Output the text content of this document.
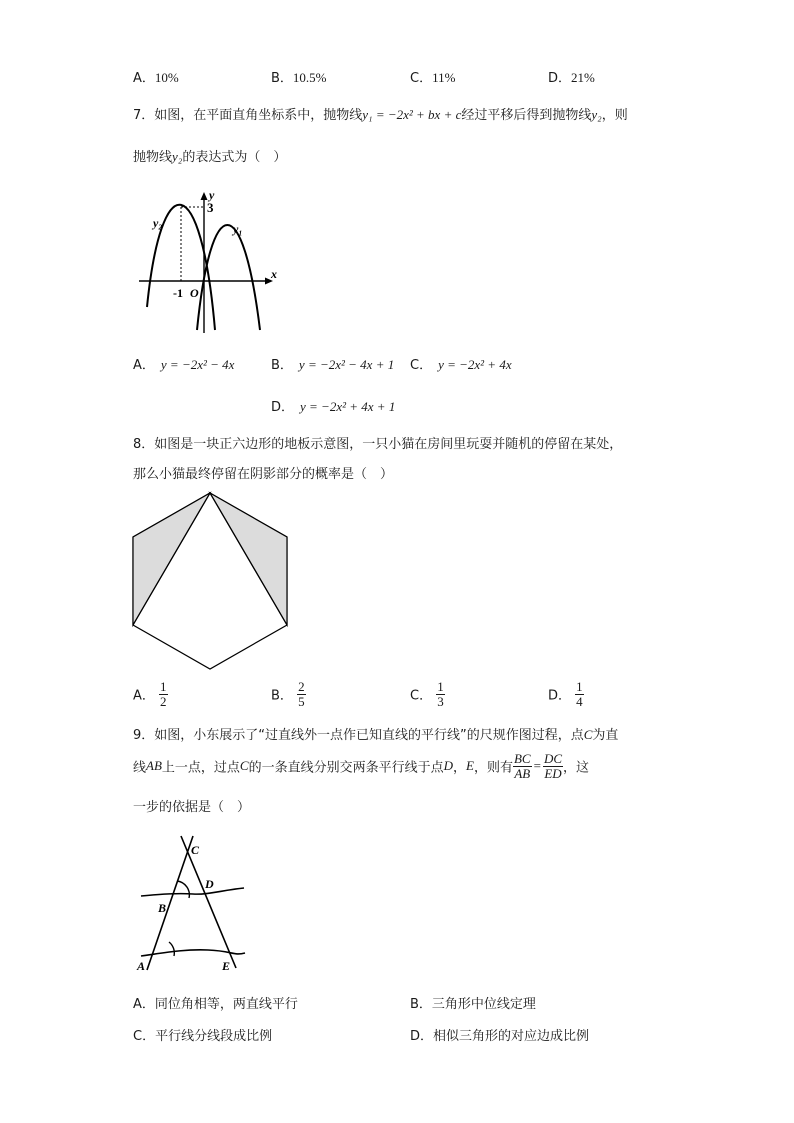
A．10%	B．10.5%	C．11%	D．21%
7．如图，在平面直角坐标系中，抛物线y₁ = −2x² + bx + c经过平移后得到抛物线y₂，则
抛物线y₂的表达式为（　）
y
x
3
-1 O
y₁
y₂
A． y = −2x² − 4x	B． y = −2x² − 4x + 1 C． y = −2x² + 4x
D． y = −2x² + 4x + 1
8．如图是一块正六边形的地板示意图，一只小猫在房间里玩耍并随机的停留在某处，
那么小猫最终停留在阴影部分的概率是（　）
A． $\frac{1}{2}$	B． $\frac{2}{5}$	C． $\frac{1}{3}$	D． $\frac{1}{4}$
9．如图，小东展示了“过直线外一点作已知直线的平行线”的尺规作图过程，点C为直
线AB上一点，过点C的一条直线分别交两条平行线于点D，E，则有 $\frac{BC}{AB} = \frac{DC}{ED}$ ，这
一步的依据是（　）
C
D
B
A	E
A．同位角相等，两直线平行	B．三角形中位线定理
C．平行线分线段成比例	D．相似三角形的对应边成比例
